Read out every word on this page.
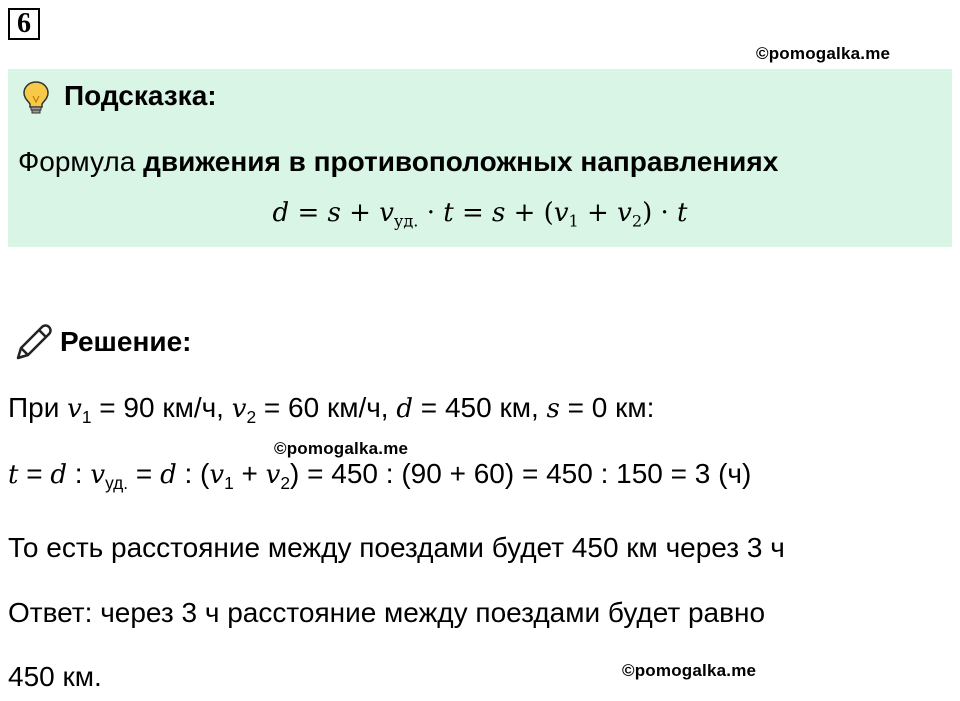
6
©pomogalka.me
Подсказка:
Формула движения в противоположных направлениях
$d = s + v_{уд.} \cdot t = s + (v_1 + v_2) \cdot t$
Решение:
При $v_1 = 90$ км/ч, $v_2 = 60$ км/ч, d = 450 км, s = 0 км:
©pomogalka.me
t = d : $v_{уд.} = d$ : $(v_1 + v_2) = 450$ : (90 + 60) = 450 : 150 = 3 (ч)
То есть расстояние между поездами будет 450 км через 3 ч
Ответ: через 3 ч расстояние между поездами будет равно
450 км.	©pomogalka.me
